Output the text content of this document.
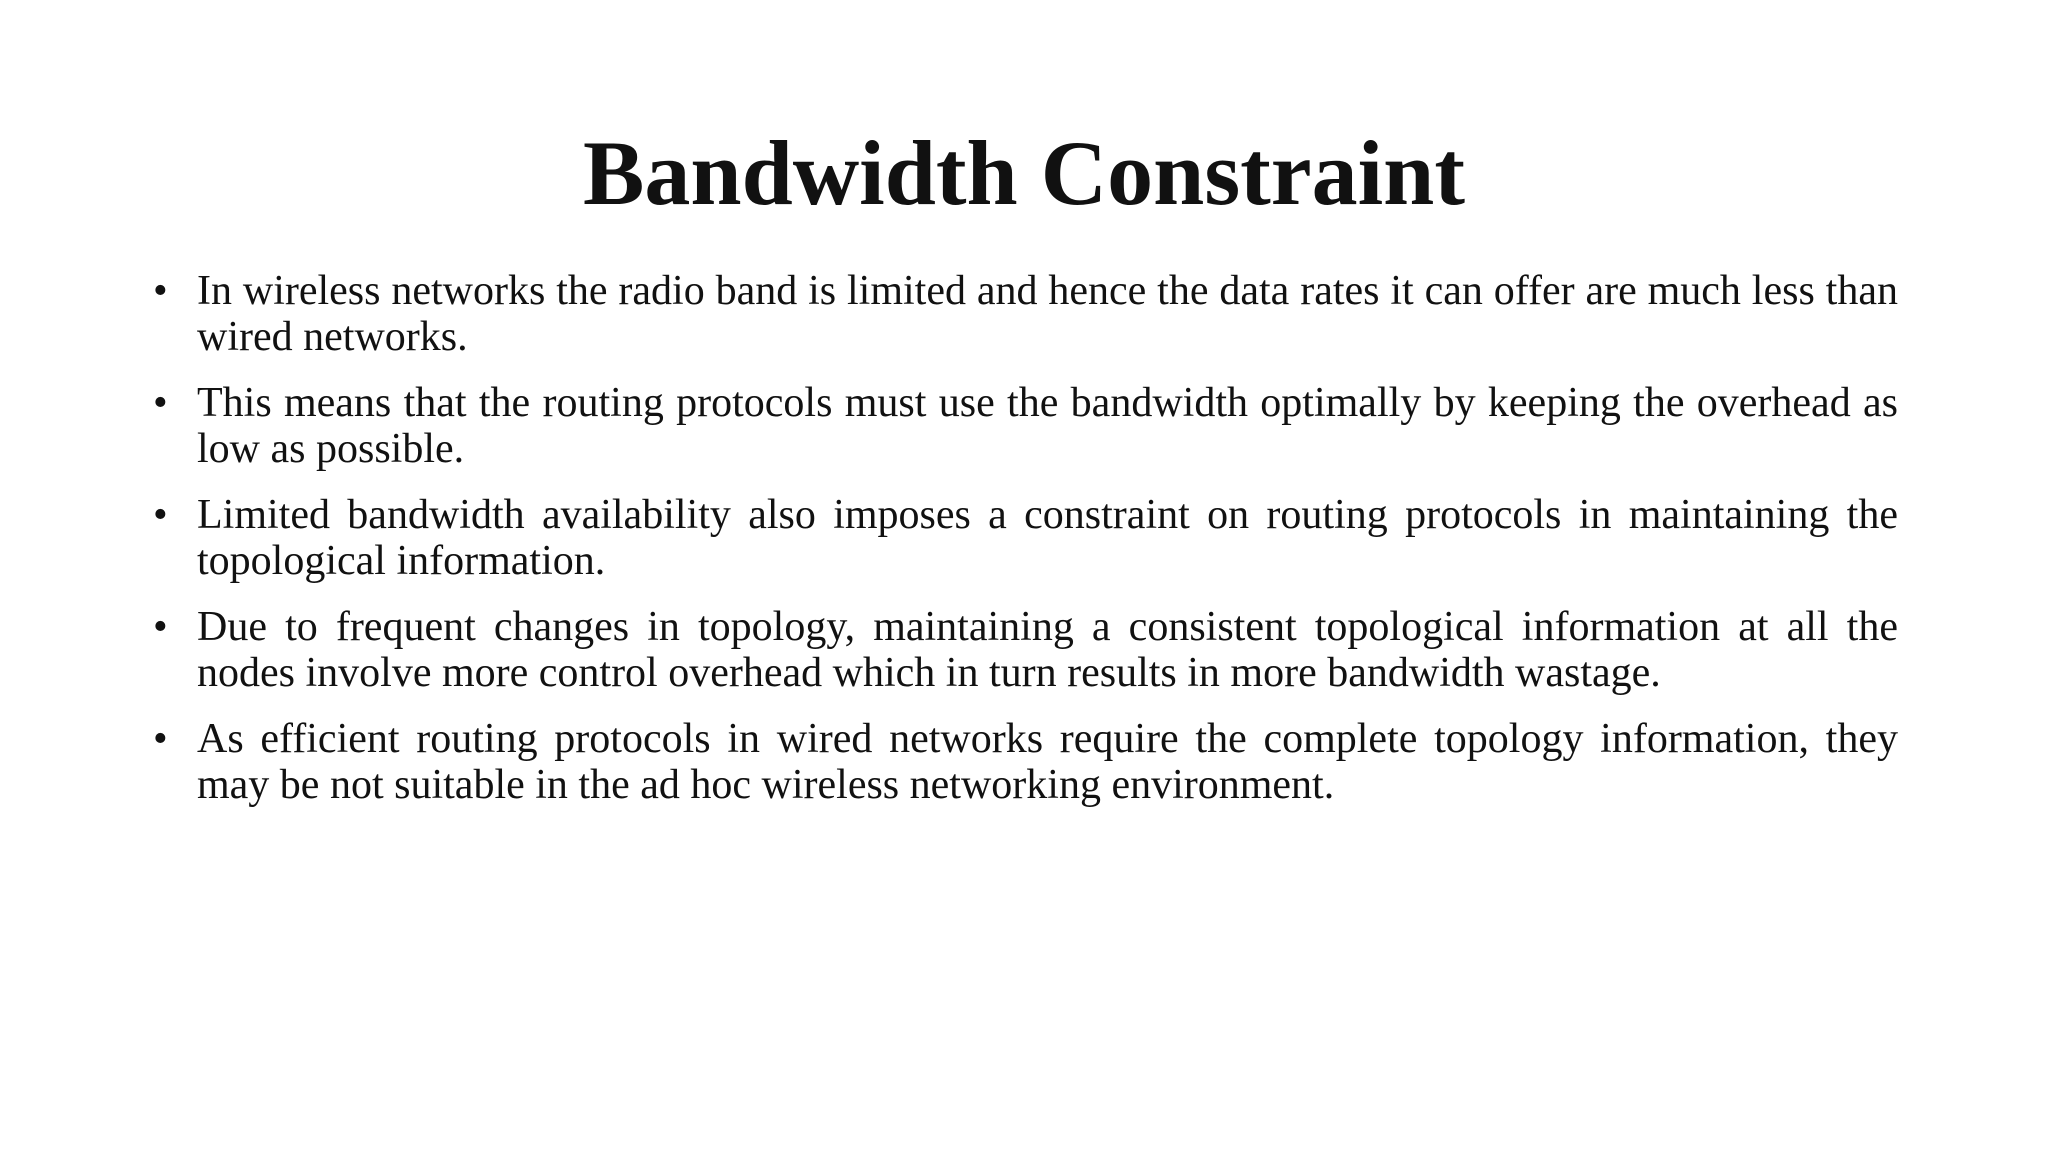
Bandwidth Constraint
• In wireless networks the radio band is limited and hence the data rates it can offer are much less than wired networks.
• This means that the routing protocols must use the bandwidth optimally by keeping the overhead as low as possible.
• Limited bandwidth availability also imposes a constraint on routing protocols in maintaining the topological information.
• Due to frequent changes in topology, maintaining a consistent topological information at all the nodes involve more control overhead which in turn results in more bandwidth wastage.
• As efficient routing protocols in wired networks require the complete topology information, they may be not suitable in the ad hoc wireless networking environment.
